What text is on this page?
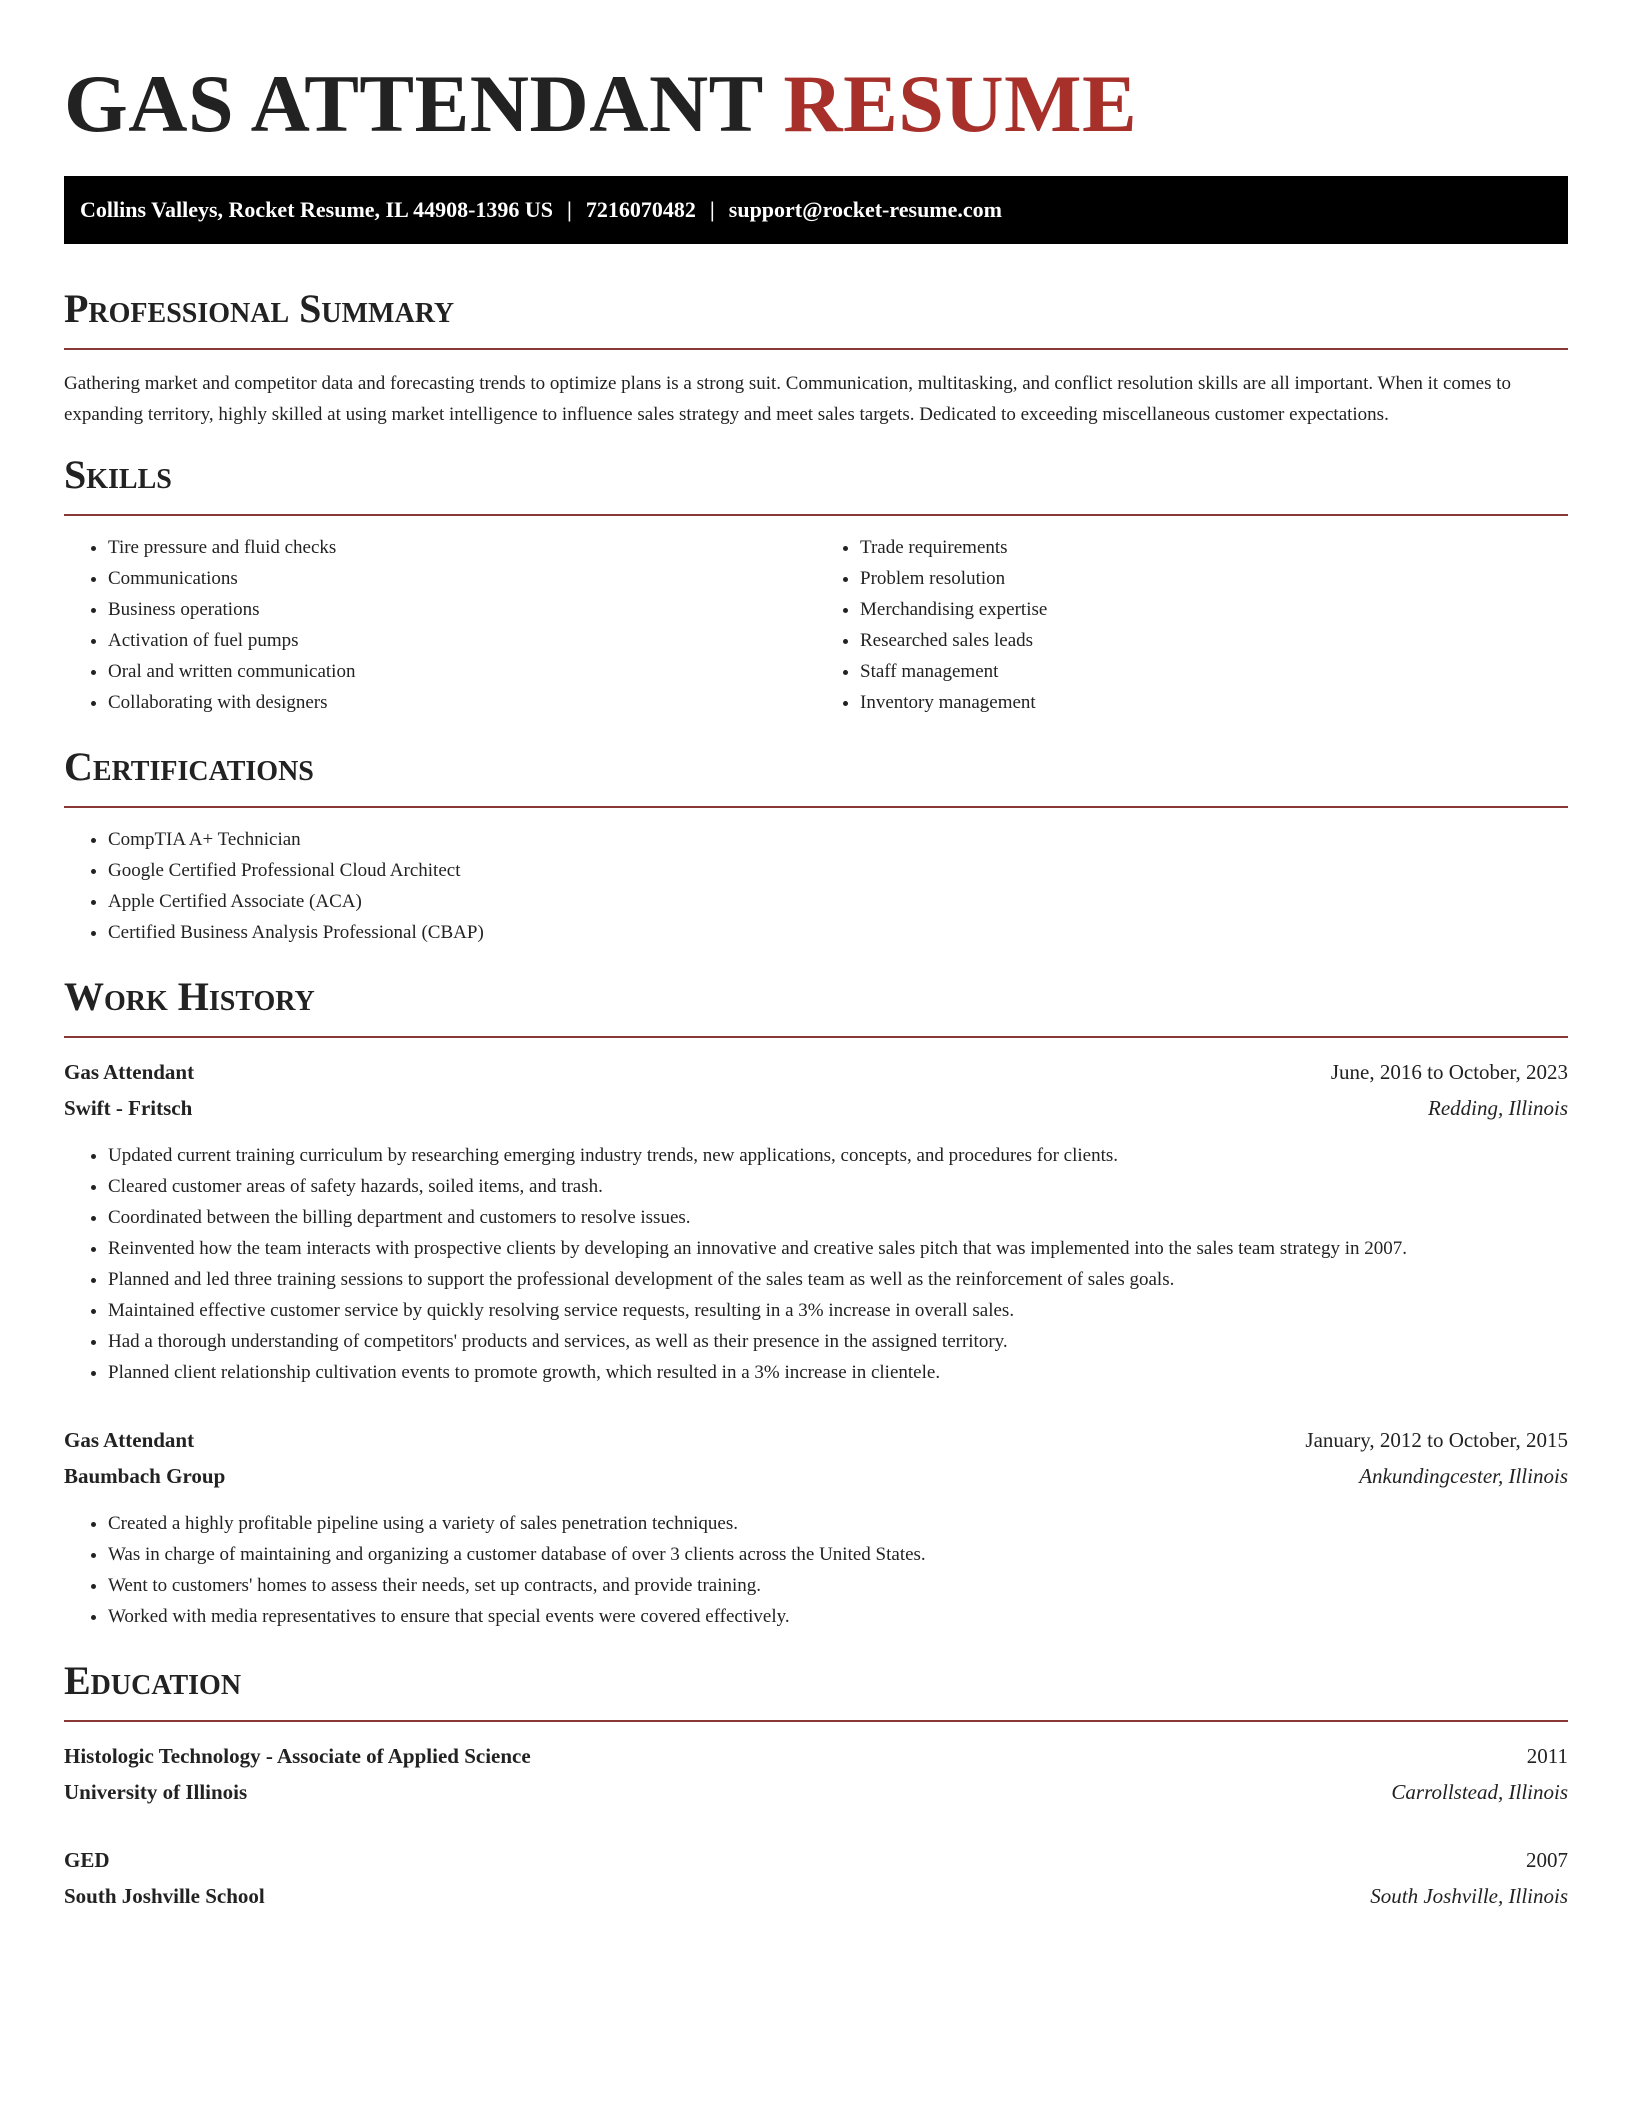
GAS ATTENDANT RESUME
Collins Valleys, Rocket Resume, IL 44908-1396 US | 7216070482 | support@rocket-resume.com
Professional Summary

Gathering market and competitor data and forecasting trends to optimize plans is a strong suit. Communication, multitasking, and conflict resolution skills are all important. When it comes to expanding territory, highly skilled at using market intelligence to influence sales strategy and meet sales targets. Dedicated to exceeding miscellaneous customer expectations.

Skills
• Tire pressure and fluid checks
• Communications
• Business operations
• Activation of fuel pumps
• Oral and written communication
• Collaborating with designers
• Trade requirements
• Problem resolution
• Merchandising expertise
• Researched sales leads
• Staff management
• Inventory management
Certifications
• CompTIA A+ Technician
• Google Certified Professional Cloud Architect
• Apple Certified Associate (ACA)
• Certified Business Analysis Professional (CBAP)
Work History
Gas Attendant	June, 2016 to October, 2023
Swift - Fritsch	Redding, Illinois
• Updated current training curriculum by researching emerging industry trends, new applications, concepts, and procedures for clients.
• Cleared customer areas of safety hazards, soiled items, and trash.
• Coordinated between the billing department and customers to resolve issues.
• Reinvented how the team interacts with prospective clients by developing an innovative and creative sales pitch that was implemented into the sales team strategy in 2007.
• Planned and led three training sessions to support the professional development of the sales team as well as the reinforcement of sales goals.
• Maintained effective customer service by quickly resolving service requests, resulting in a 3% increase in overall sales.
• Had a thorough understanding of competitors' products and services, as well as their presence in the assigned territory.
• Planned client relationship cultivation events to promote growth, which resulted in a 3% increase in clientele.
Gas Attendant	January, 2012 to October, 2015
Baumbach Group	Ankundingcester, Illinois
• Created a highly profitable pipeline using a variety of sales penetration techniques.
• Was in charge of maintaining and organizing a customer database of over 3 clients across the United States.
• Went to customers' homes to assess their needs, set up contracts, and provide training.
• Worked with media representatives to ensure that special events were covered effectively.
Education
Histologic Technology - Associate of Applied Science	2011
University of Illinois	Carrollstead, Illinois
GED	2007
South Joshville School	South Joshville, Illinois
